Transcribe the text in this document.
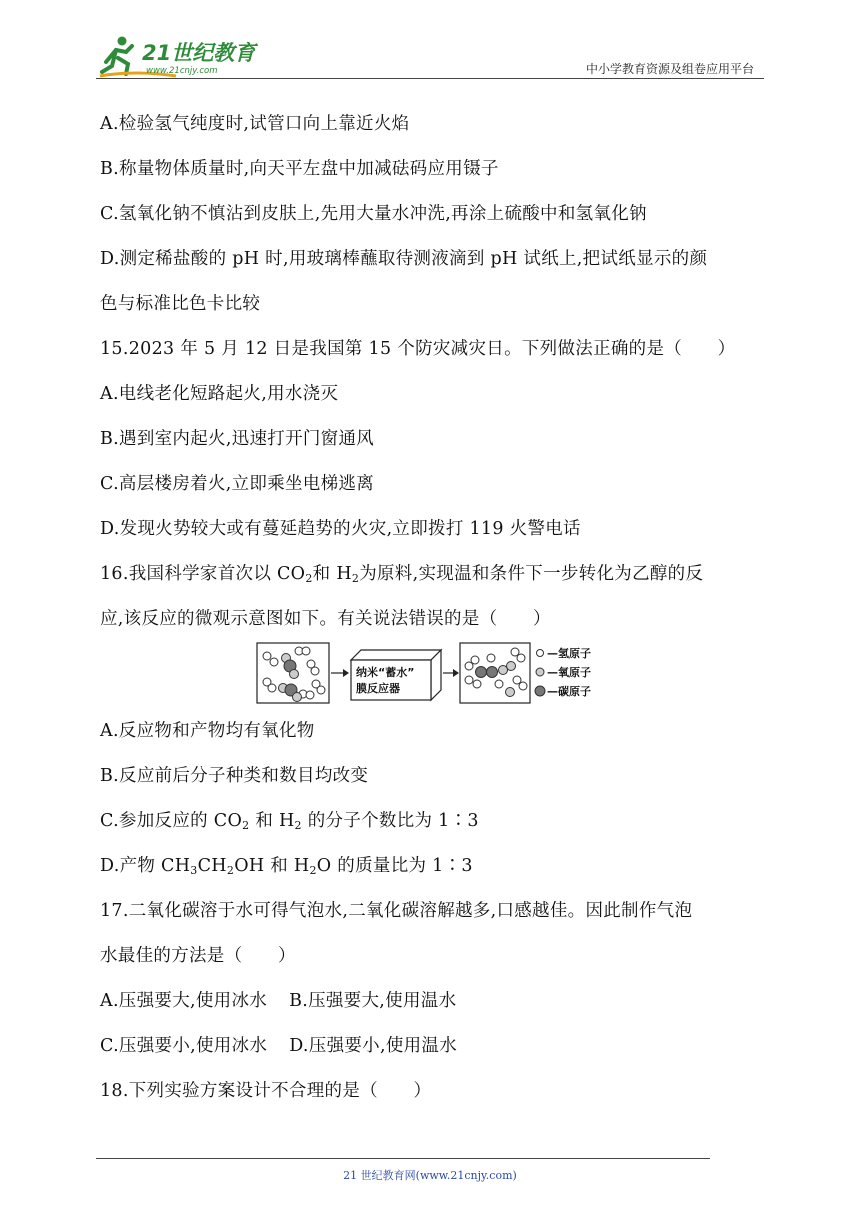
21世纪教育
www.21cnjy.com	中小学教育资源及组卷应用平台
A.检验氢气纯度时,试管口向上靠近火焰
B.称量物体质量时,向天平左盘中加减砝码应用镊子
C.氢氧化钠不慎沾到皮肤上,先用大量水冲洗,再涂上硫酸中和氢氧化钠
D.测定稀盐酸的 pH 时,用玻璃棒蘸取待测液滴到 pH 试纸上,把试纸显示的颜
色与标准比色卡比较
15.2023 年 5 月 12 日是我国第 15 个防灾减灾日。下列做法正确的是（　　）
A.电线老化短路起火,用水浇灭
B.遇到室内起火,迅速打开门窗通风
C.高层楼房着火,立即乘坐电梯逃离
D.发现火势较大或有蔓延趋势的火灾,立即拨打 119 火警电话
16.我国科学家首次以 $CO_2$和 $H_2$为原料,实现温和条件下一步转化为乙醇的反
应,该反应的微观示意图如下。有关说法错误的是（　　）
纳米“蓄水”
膜反应器
—氢原子
—氧原子
—碳原子
A.反应物和产物均有氧化物
B.反应前后分子种类和数目均改变
C.参加反应的 $CO_2$ 和 $H_2$ 的分子个数比为 1∶3
D.产物 $CH_3CH_2OH$ 和 $H_2O$ 的质量比为 1∶3
17.二氧化碳溶于水可得气泡水,二氧化碳溶解越多,口感越佳。因此制作气泡
水最佳的方法是（　　）
A.压强要大,使用冰水 B.压强要大,使用温水
C.压强要小,使用冰水 D.压强要小,使用温水
18.下列实验方案设计不合理的是（　　）
21 世纪教育网(www.21cnjy.com)
